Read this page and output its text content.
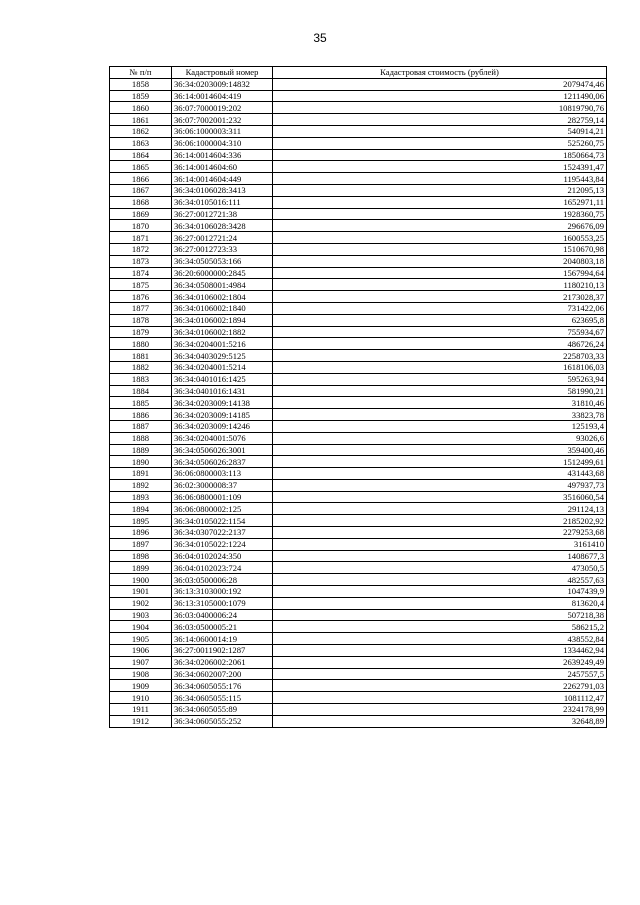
35
№ п/п	Кадастровый номер	Кадастровая стоимость (рублей)
1858	36:34:0203009:14832	2079474,46
1859	36:14:0014604:419	1211490,06
1860	36:07:7000019:202	10819790,76
1861	36:07:7002001:232	282759,14
1862	36:06:1000003:311	540914,21
1863	36:06:1000004:310	525260,75
1864	36:14:0014604:336	1850664,73
1865	36:14:0014604:60	1524391,47
1866	36:14:0014604:449	1195443,84
1867	36:34:0106028:3413	212095,13
1868	36:34:0105016:111	1652971,11
1869	36:27:0012721:38	1928360,75
1870	36:34:0106028:3428	296676,09
1871	36:27:0012721:24	1600553,25
1872	36:27:0012723:33	1510670,98
1873	36:34:0505053:166	2040803,18
1874	36:20:6000000:2845	1567994,64
1875	36:34:0508001:4984	1180210,13
1876	36:34:0106002:1804	2173028,37
1877	36:34:0106002:1840	731422,06
1878	36:34:0106002:1894	623695,8
1879	36:34:0106002:1882	755934,67
1880	36:34:0204001:5216	486726,24
1881	36:34:0403029:5125	2258703,33
1882	36:34:0204001:5214	1618106,03
1883	36:34:0401016:1425	595263,94
1884	36:34:0401016:1431	581990,21
1885	36:34:0203009:14138	31810,46
1886	36:34:0203009:14185	33823,78
1887	36:34:0203009:14246	125193,4
1888	36:34:0204001:5076	93026,6
1889	36:34:0506026:3001	359400,46
1890	36:34:0506026:2837	1512499,61
1891	36:06:0800003:113	431443,68
1892	36:02:3000008:37	497937,73
1893	36:06:0800001:109	3516060,54
1894	36:06:0800002:125	291124,13
1895	36:34:0105022:1154	2185202,92
1896	36:34:0307022:2137	2279253,68
1897	36:34:0105022:1224	3161410
1898	36:04:0102024:350	1408677,3
1899	36:04:0102023:724	473050,5
1900	36:03:0500006:28	482557,63
1901	36:13:3103000:192	1047439,9
1902	36:13:3105000:1079	813620,4
1903	36:03:0400006:24	507218,38
1904	36:03:0500005:21	586215,2
1905	36:14:0600014:19	438552,84
1906	36:27:0011902:1287	1334462,94
1907	36:34:0206002:2061	2639249,49
1908	36:34:0602007:200	2457557,5
1909	36:34:0605055:176	2262791,03
1910	36:34:0605055:115	1081112,47
1911	36:34:0605055:89	2324178,99
1912	36:34:0605055:252	32648,89
